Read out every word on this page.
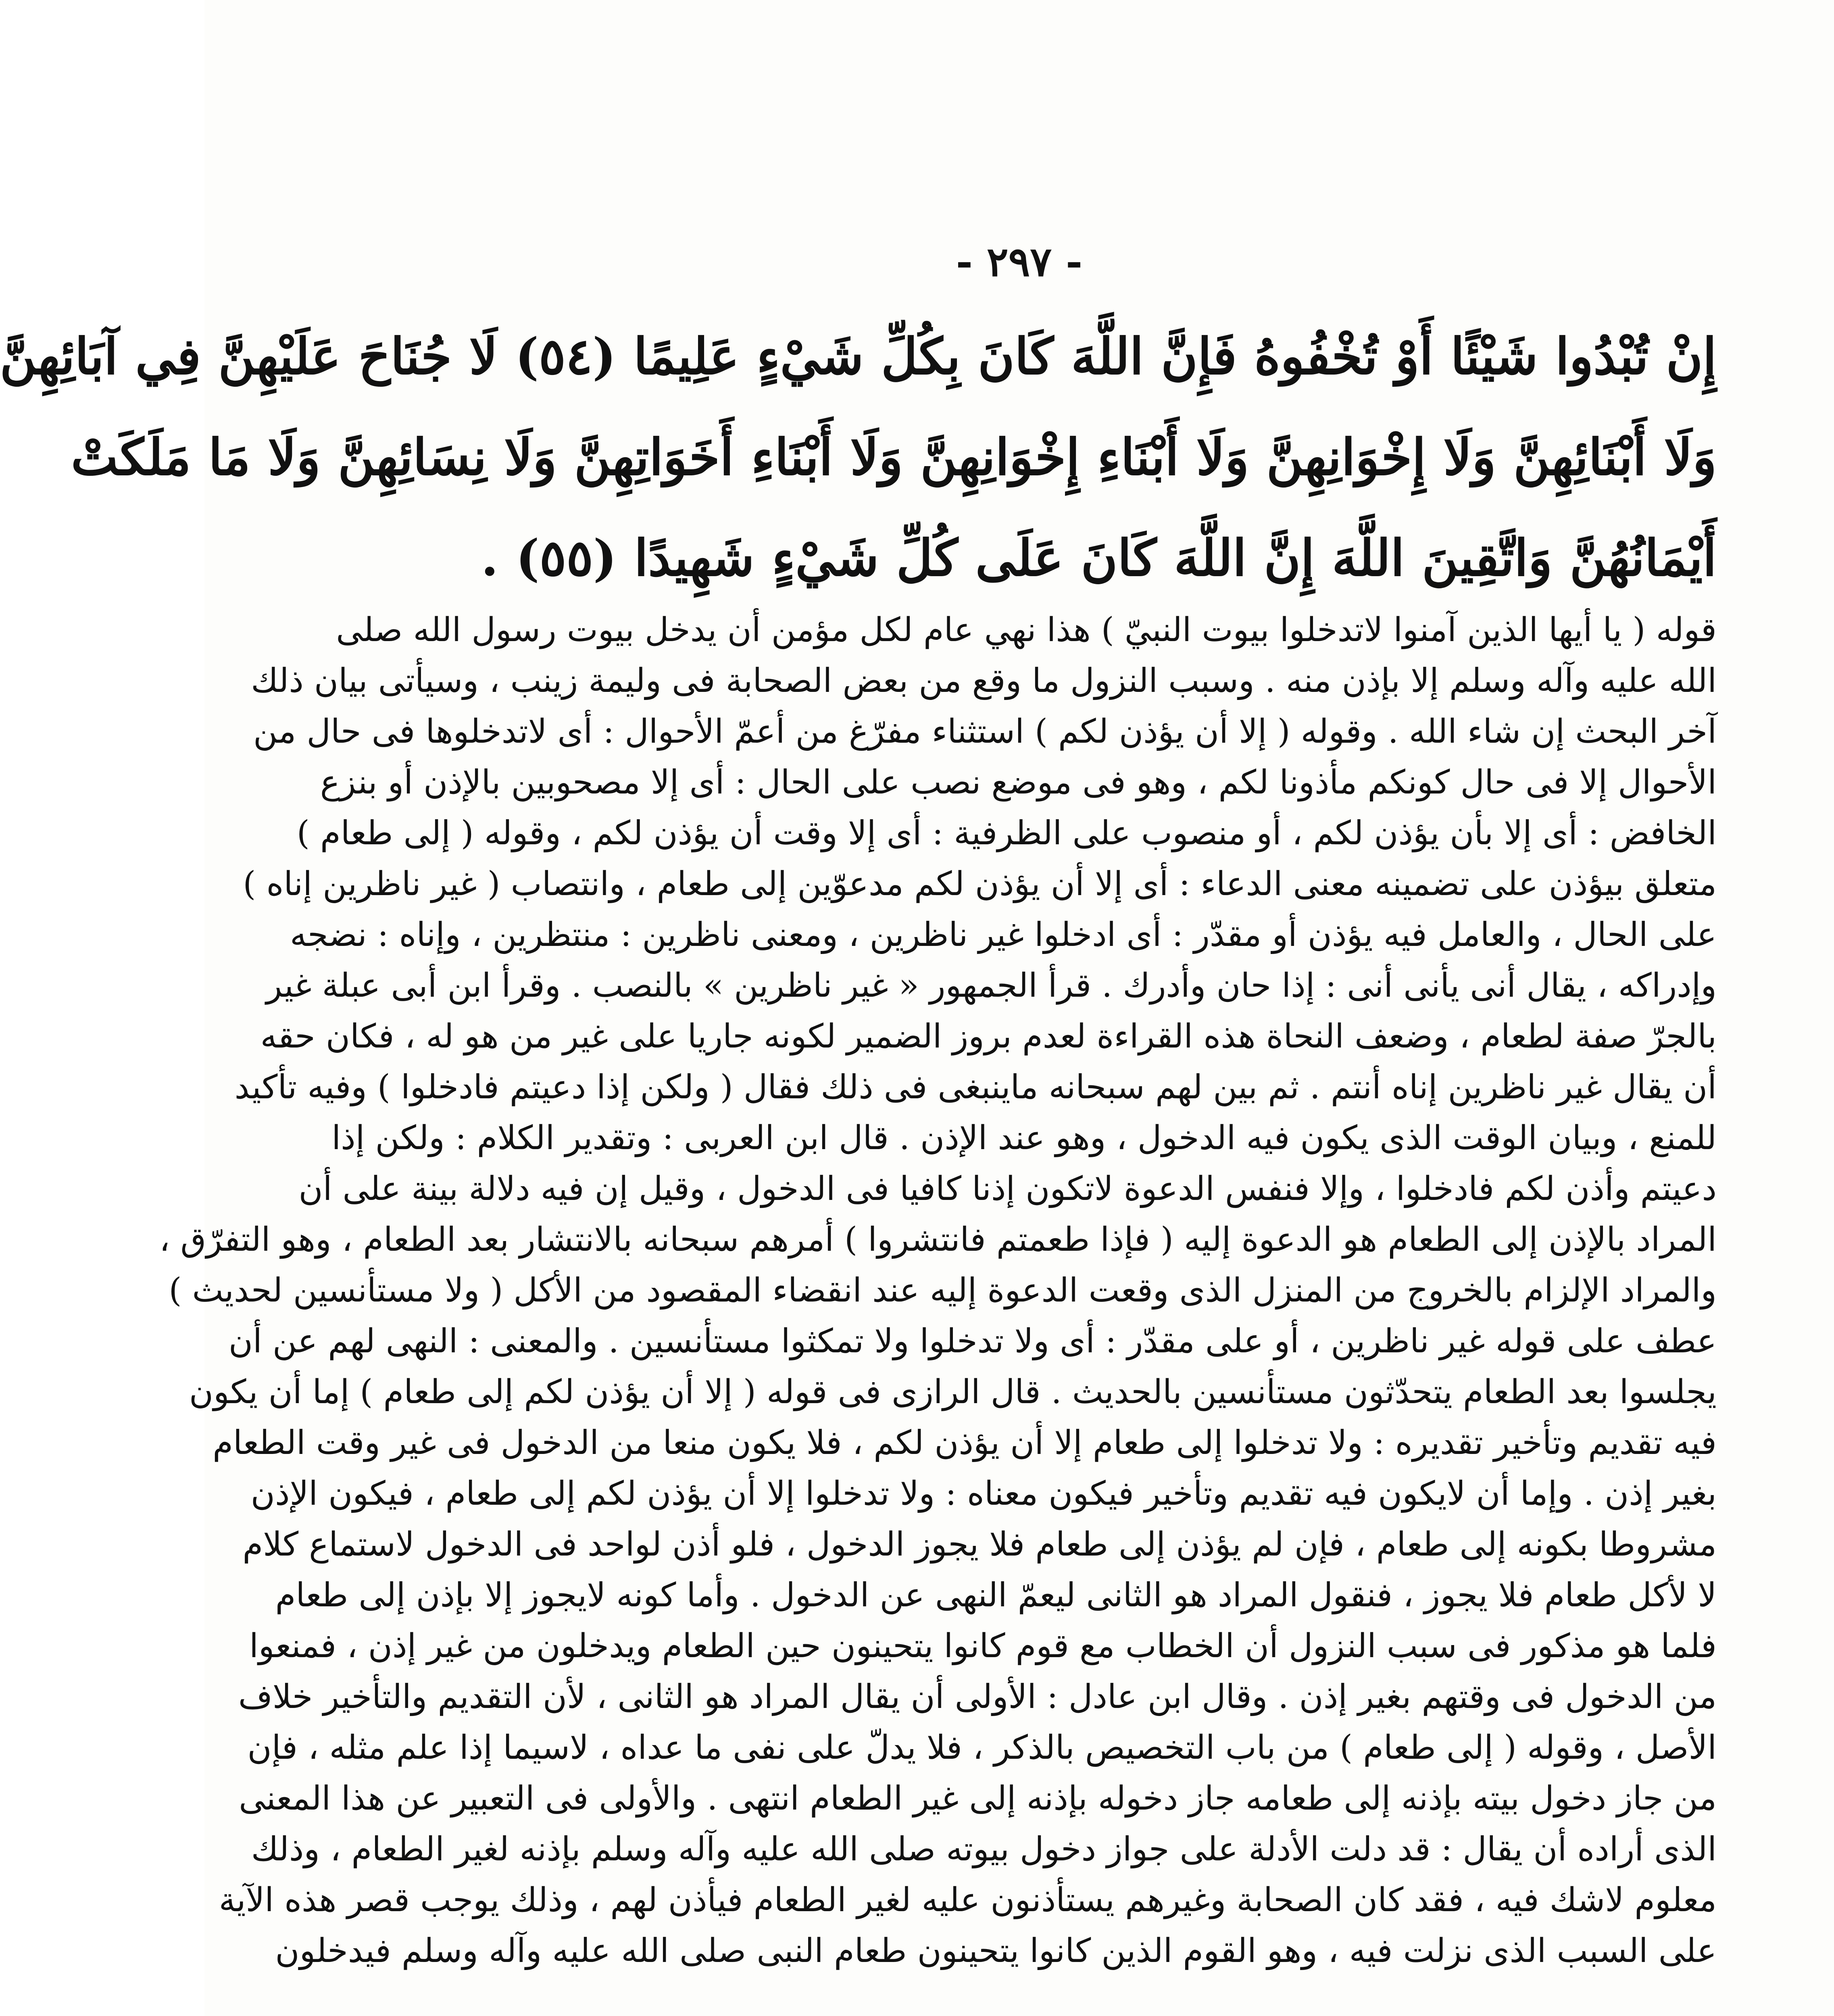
- ٢٩٧ -
إِنْ تُبْدُوا شَيْئًا أَوْ تُخْفُوهُ فَإِنَّ اللَّهَ كَانَ بِكُلِّ شَيْءٍ عَلِيمًا (٥٤) لَا جُنَاحَ عَلَيْهِنَّ فِي آبَائِهِنَّ
وَلَا أَبْنَائِهِنَّ وَلَا إِخْوَانِهِنَّ وَلَا أَبْنَاءِ إِخْوَانِهِنَّ وَلَا أَبْنَاءِ أَخَوَاتِهِنَّ وَلَا نِسَائِهِنَّ وَلَا مَا مَلَكَتْ
أَيْمَانُهُنَّ وَاتَّقِينَ اللَّهَ إِنَّ اللَّهَ كَانَ عَلَى كُلِّ شَيْءٍ شَهِيدًا (٥٥) .
قوله ( يا أيها الذين آمنوا لاتدخلوا بيوت النبيّ ) هذا نهي عام لكل مؤمن أن يدخل بيوت رسول الله صلى
الله عليه وآله وسلم إلا بإذن منه . وسبب النزول ما وقع من بعض الصحابة فى وليمة زينب ، وسيأتى بيان ذلك
آخر البحث إن شاء الله . وقوله ( إلا أن يؤذن لكم ) استثناء مفرّغ من أعمّ الأحوال : أى لاتدخلوها فى حال من
الأحوال إلا فى حال كونكم مأذونا لكم ، وهو فى موضع نصب على الحال : أى إلا مصحوبين بالإذن أو بنزع
الخافض : أى إلا بأن يؤذن لكم ، أو منصوب على الظرفية : أى إلا وقت أن يؤذن لكم ، وقوله ( إلى طعام )
متعلق بيؤذن على تضمينه معنى الدعاء : أى إلا أن يؤذن لكم مدعوّين إلى طعام ، وانتصاب ( غير ناظرين إناه )
على الحال ، والعامل فيه يؤذن أو مقدّر : أى ادخلوا غير ناظرين ، ومعنى ناظرين : منتظرين ، وإناه : نضجه
وإدراكه ، يقال أنى يأنى أنى : إذا حان وأدرك . قرأ الجمهور « غير ناظرين » بالنصب . وقرأ ابن أبى عبلة غير
بالجرّ صفة لطعام ، وضعف النحاة هذه القراءة لعدم بروز الضمير لكونه جاريا على غير من هو له ، فكان حقه
أن يقال غير ناظرين إناه أنتم . ثم بين لهم سبحانه ماينبغى فى ذلك فقال ( ولكن إذا دعيتم فادخلوا ) وفيه تأكيد
للمنع ، وبيان الوقت الذى يكون فيه الدخول ، وهو عند الإذن . قال ابن العربى : وتقدير الكلام : ولكن إذا
دعيتم وأذن لكم فادخلوا ، وإلا فنفس الدعوة لاتكون إذنا كافيا فى الدخول ، وقيل إن فيه دلالة بينة على أن
المراد بالإذن إلى الطعام هو الدعوة إليه ( فإذا طعمتم فانتشروا ) أمرهم سبحانه بالانتشار بعد الطعام ، وهو التفرّق ،
والمراد الإلزام بالخروج من المنزل الذى وقعت الدعوة إليه عند انقضاء المقصود من الأكل ( ولا مستأنسين لحديث )
عطف على قوله غير ناظرين ، أو على مقدّر : أى ولا تدخلوا ولا تمكثوا مستأنسين . والمعنى : النهى لهم عن أن
يجلسوا بعد الطعام يتحدّثون مستأنسين بالحديث . قال الرازى فى قوله ( إلا أن يؤذن لكم إلى طعام ) إما أن يكون
فيه تقديم وتأخير تقديره : ولا تدخلوا إلى طعام إلا أن يؤذن لكم ، فلا يكون منعا من الدخول فى غير وقت الطعام
بغير إذن . وإما أن لايكون فيه تقديم وتأخير فيكون معناه : ولا تدخلوا إلا أن يؤذن لكم إلى طعام ، فيكون الإذن
مشروطا بكونه إلى طعام ، فإن لم يؤذن إلى طعام فلا يجوز الدخول ، فلو أذن لواحد فى الدخول لاستماع كلام
لا لأكل طعام فلا يجوز ، فنقول المراد هو الثانى ليعمّ النهى عن الدخول . وأما كونه لايجوز إلا بإذن إلى طعام
فلما هو مذكور فى سبب النزول أن الخطاب مع قوم كانوا يتحينون حين الطعام ويدخلون من غير إذن ، فمنعوا
من الدخول فى وقتهم بغير إذن . وقال ابن عادل : الأولى أن يقال المراد هو الثانى ، لأن التقديم والتأخير خلاف
الأصل ، وقوله ( إلى طعام ) من باب التخصيص بالذكر ، فلا يدلّ على نفى ما عداه ، لاسيما إذا علم مثله ، فإن
من جاز دخول بيته بإذنه إلى طعامه جاز دخوله بإذنه إلى غير الطعام انتهى . والأولى فى التعبير عن هذا المعنى
الذى أراده أن يقال : قد دلت الأدلة على جواز دخول بيوته صلى الله عليه وآله وسلم بإذنه لغير الطعام ، وذلك
معلوم لاشك فيه ، فقد كان الصحابة وغيرهم يستأذنون عليه لغير الطعام فيأذن لهم ، وذلك يوجب قصر هذه الآية
على السبب الذى نزلت فيه ، وهو القوم الذين كانوا يتحينون طعام النبى صلى الله عليه وآله وسلم فيدخلون
